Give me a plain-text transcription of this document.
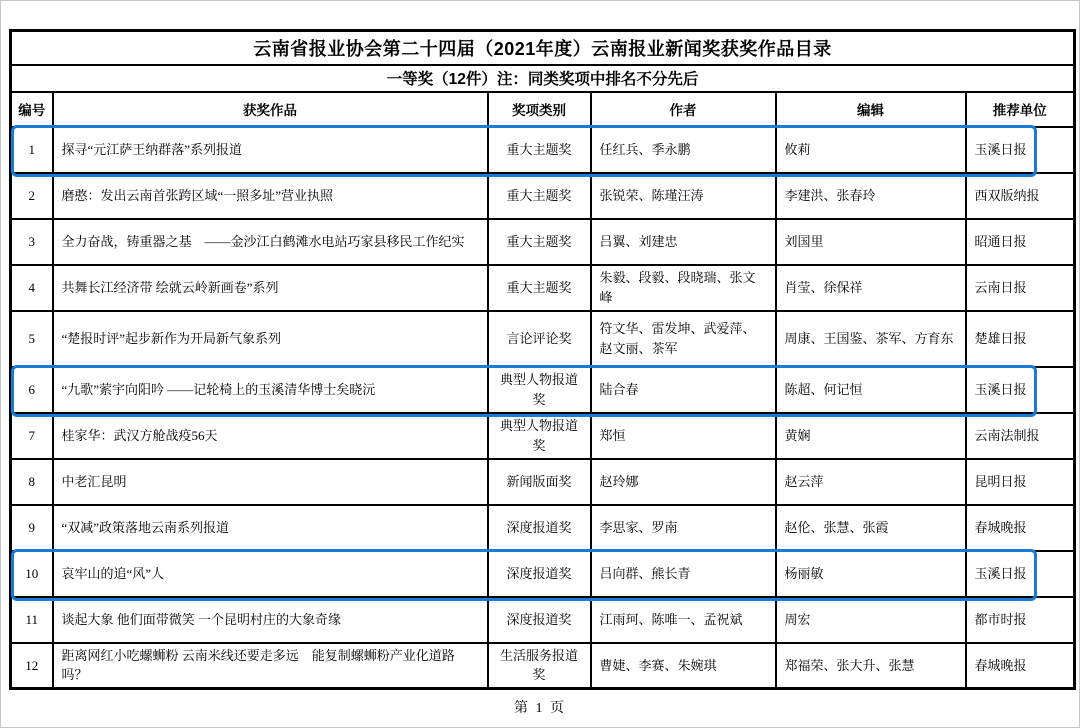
云南省报业协会第二十四届（2021年度）云南报业新闻奖获奖作品目录					
一等奖（12件）注：同类奖项中排名不分先后					
编号	获奖作品	奖项类别	作者	编辑	推荐单位
1	探寻“元江萨王纳群落”系列报道	重大主题奖	任红兵、季永鹏	攸莉	玉溪日报
2	磨憨：发出云南首张跨区域“一照多址”营业执照	重大主题奖	张锐荣、陈瑾汪涛	李建洪、张春玲	西双版纳报
3	全力奋战，铸重器之基　——金沙江白鹤滩水电站巧家县移民工作纪实	重大主题奖	吕翼、刘建忠	刘国里	昭通日报
4	共舞长江经济带 绘就云岭新画卷”系列	重大主题奖	朱毅、段毅、段晓瑞、张文峰	肖莹、徐保祥	云南日报
5	“楚报时评”起步新作为开局新气象系列	言论评论奖	符文华、雷发坤、武爱萍、赵文丽、茶军	周康、王国鉴、茶军、方育东	楚雄日报
6	“九歌”萦宇向阳吟 ——记轮椅上的玉溪清华博士矣晓沅	典型人物报道奖	陆合春	陈超、何记恒	玉溪日报
7	桂家华：武汉方舱战疫56天	典型人物报道奖	郑恒	黄娴	云南法制报
8	中老汇昆明	新闻版面奖	赵玲娜	赵云萍	昆明日报
9	“双减”政策落地云南系列报道	深度报道奖	李思家、罗南	赵伦、张慧、张霞	春城晚报
10	哀牢山的追“风”人	深度报道奖	吕向群、熊长青	杨丽敏	玉溪日报
11	谈起大象 他们面带微笑 一个昆明村庄的大象奇缘	深度报道奖	江雨珂、陈唯一、孟祝斌	周宏	都市时报
12	距离网红小吃螺蛳粉 云南米线还要走多远　能复制螺蛳粉产业化道路吗？	生活服务报道奖	曹婕、李赛、朱婉琪	郑福荣、张大升、张慧	春城晚报
第 1 页
